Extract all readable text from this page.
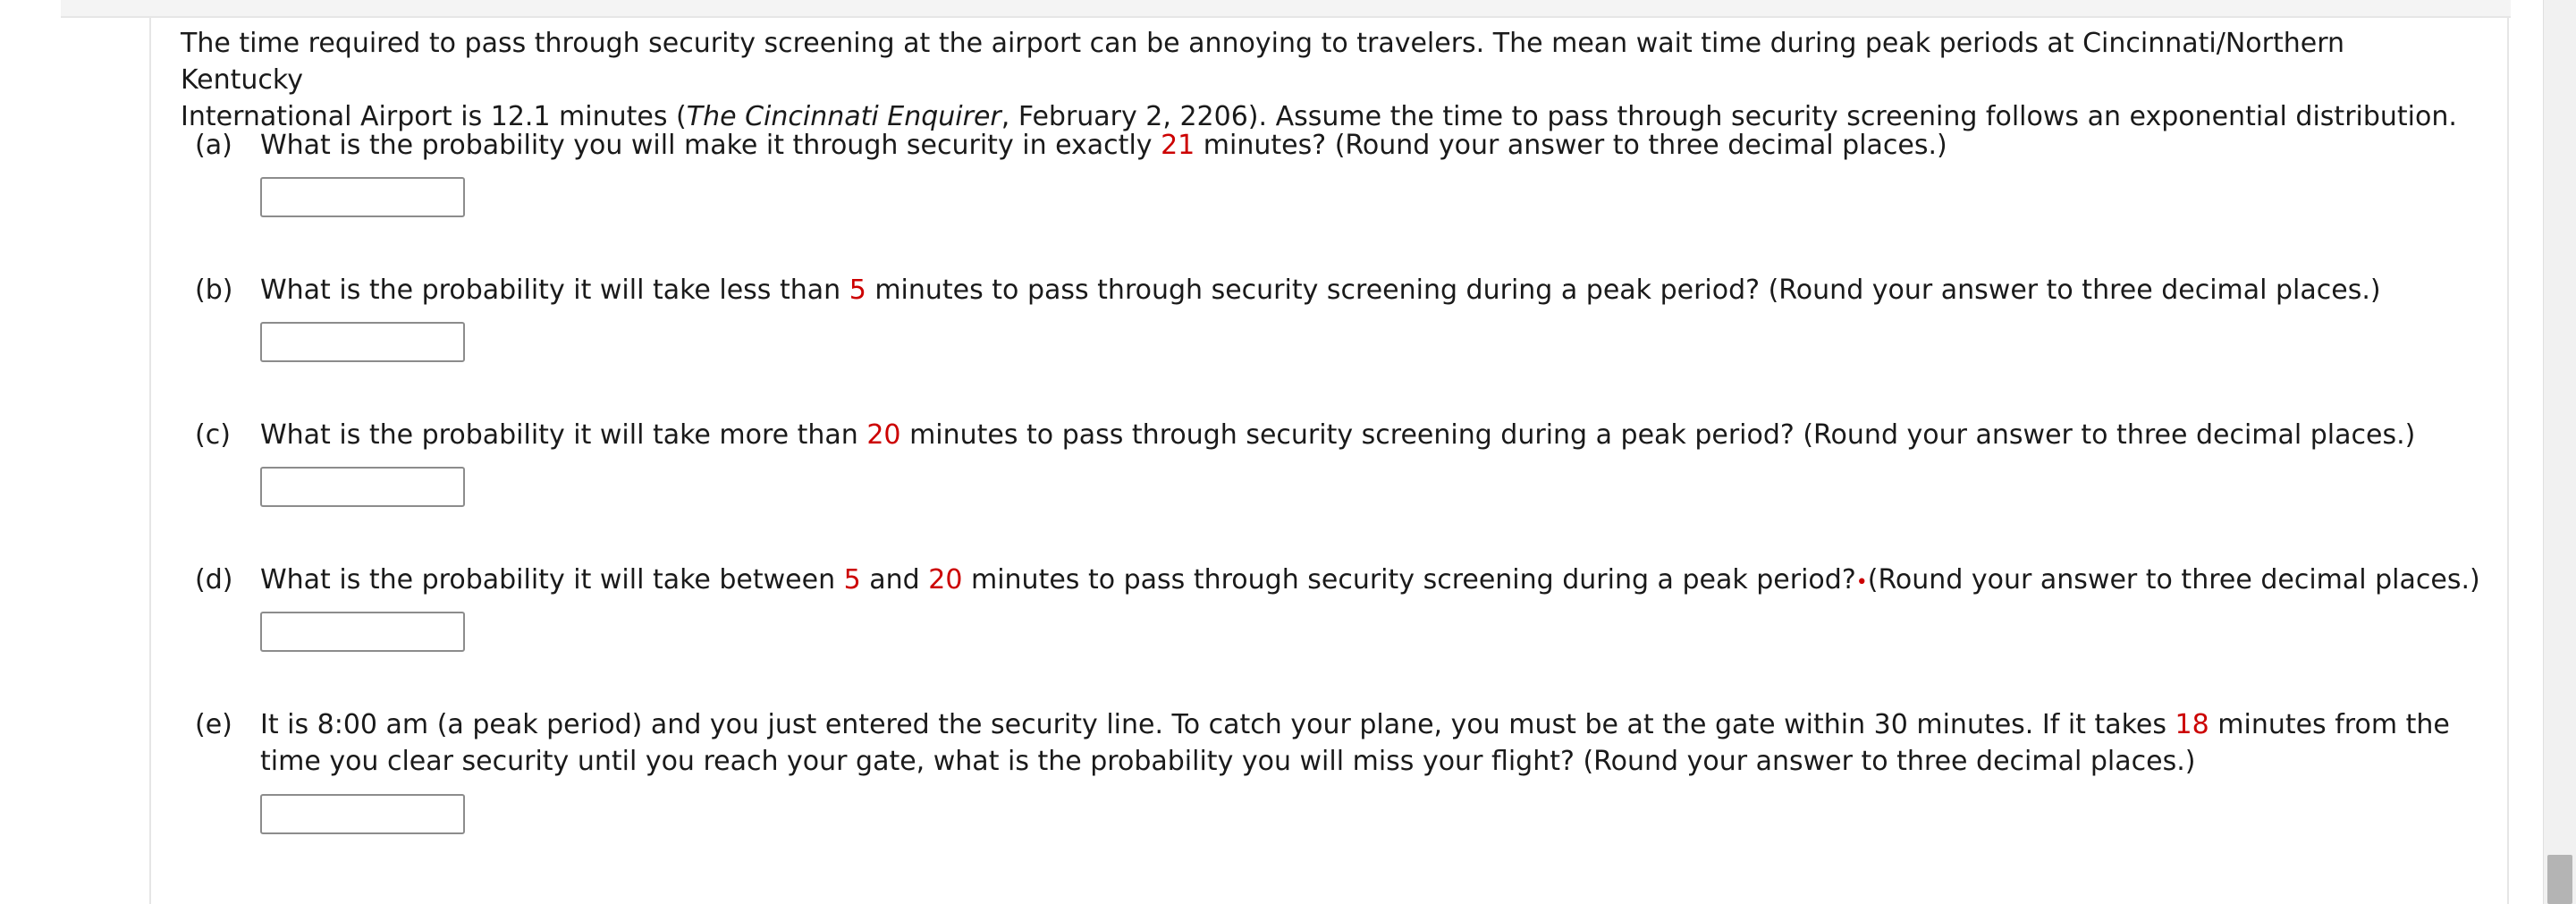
The time required to pass through security screening at the airport can be annoying to travelers. The mean wait time during peak periods at Cincinnati/Northern Kentucky
International Airport is 12.1 minutes (The Cincinnati Enquirer, February 2, 2206). Assume the time to pass through security screening follows an exponential distribution.

(a)	What is the probability you will make it through security in exactly 21 minutes? (Round your answer to three decimal places.)
(b)	What is the probability it will take less than 5 minutes to pass through security screening during a peak period? (Round your answer to three decimal places.)
(c)	What is the probability it will take more than 20 minutes to pass through security screening during a peak period? (Round your answer to three decimal places.)
(d)	What is the probability it will take between 5 and 20 minutes to pass through security screening during a peak period?•(Round your answer to three decimal places.)
(e)	It is 8:00 am (a peak period) and you just entered the security line. To catch your plane, you must be at the gate within 30 minutes. If it takes 18 minutes from the
time you clear security until you reach your gate, what is the probability you will miss your flight? (Round your answer to three decimal places.)
